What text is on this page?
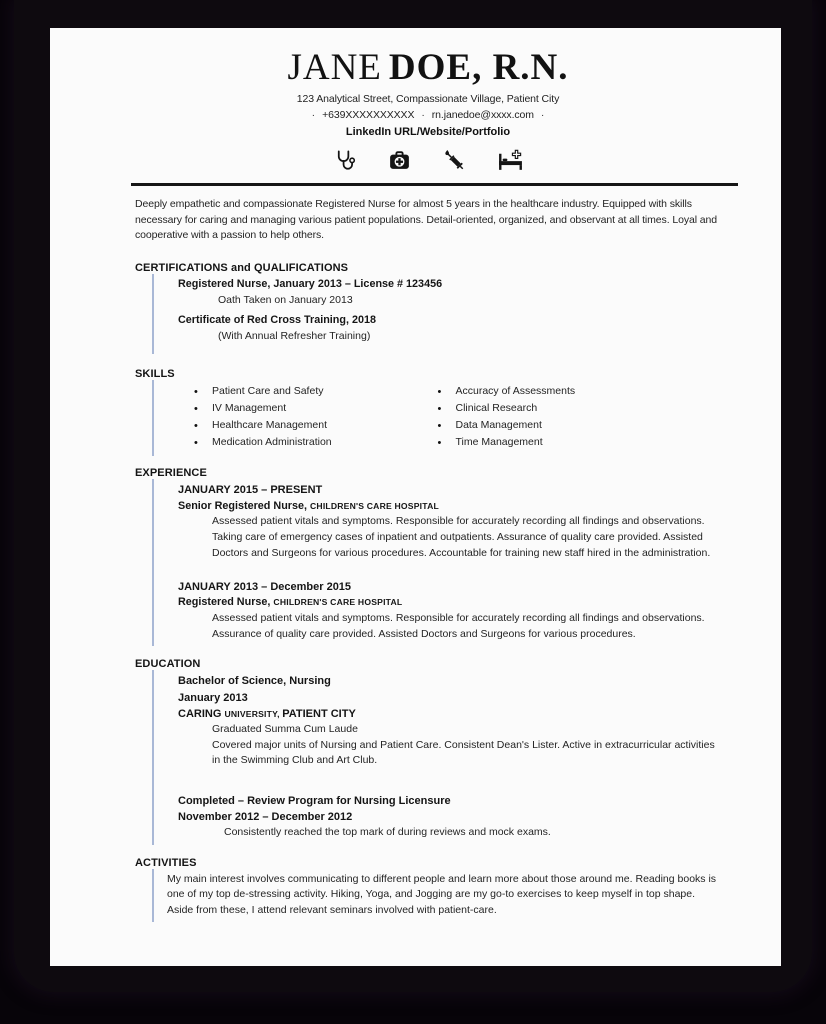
JANE DOE, R.N.
123 Analytical Street, Compassionate Village, Patient City
· +639XXXXXXXXXX · rn.janedoe@xxxx.com ·
LinkedIn URL/Website/Portfolio
Deeply empathetic and compassionate Registered Nurse for almost 5 years in the healthcare industry. Equipped with skills necessary for caring and managing various patient populations. Detail-oriented, organized, and observant at all times. Loyal and cooperative with a passion to help others.
CERTIFICATIONS and QUALIFICATIONS
Registered Nurse, January 2013 – License # 123456
Oath Taken on January 2013
Certificate of Red Cross Training, 2018
(With Annual Refresher Training)
SKILLS
• Patient Care and Safety
• IV Management
• Healthcare Management
• Medication Administration
• Accuracy of Assessments
• Clinical Research
• Data Management
• Time Management
EXPERIENCE
JANUARY 2015 – PRESENT
Senior Registered Nurse, CHILDREN'S CARE HOSPITAL
Assessed patient vitals and symptoms. Responsible for accurately recording all findings and observations. Taking care of emergency cases of inpatient and outpatients. Assurance of quality care provided. Assisted Doctors and Surgeons for various procedures. Accountable for training new staff hired in the administration.
JANUARY 2013 – December 2015
Registered Nurse, CHILDREN'S CARE HOSPITAL
Assessed patient vitals and symptoms. Responsible for accurately recording all findings and observations. Assurance of quality care provided. Assisted Doctors and Surgeons for various procedures.
EDUCATION
Bachelor of Science, Nursing
January 2013
CARING UNIVERSITY, PATIENT CITY
Graduated Summa Cum Laude
Covered major units of Nursing and Patient Care. Consistent Dean's Lister. Active in extracurricular activities in the Swimming Club and Art Club.
Completed – Review Program for Nursing Licensure
November 2012 – December 2012
Consistently reached the top mark of during reviews and mock exams.
ACTIVITIES
My main interest involves communicating to different people and learn more about those around me. Reading books is one of my top de-stressing activity. Hiking, Yoga, and Jogging are my go-to exercises to keep myself in top shape. Aside from these, I attend relevant seminars involved with patient-care.
